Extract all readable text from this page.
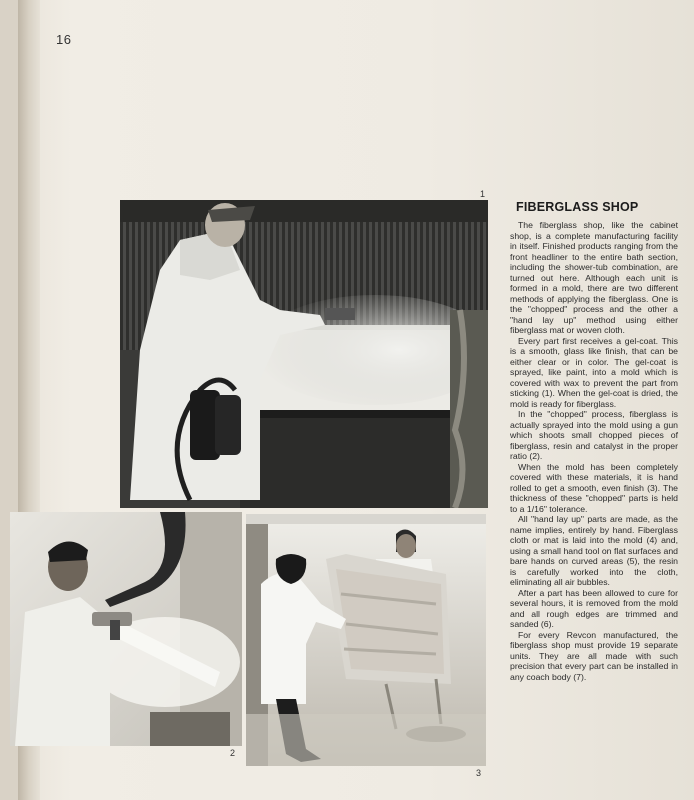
16
1
2
3
FIBERGLASS SHOP

The fiberglass shop, like the cabinet shop, is a complete manufacturing facility in itself. Finished products ranging from the front headliner to the entire bath section, including the shower-tub combination, are turned out here. Although each unit is formed in a mold, there are two different methods of applying the fiberglass. One is the "chopped" process and the other a "hand lay up" method using either fiberglass mat or woven cloth.

Every part first receives a gel-coat. This is a smooth, glass like finish, that can be either clear or in color. The gel-coat is sprayed, like paint, into a mold which is covered with wax to prevent the part from sticking (1). When the gel-coat is dried, the mold is ready for fiberglass.

In the "chopped" process, fiberglass is actually sprayed into the mold using a gun which shoots small chopped pieces of fiberglass, resin and catalyst in the proper ratio (2).

When the mold has been completely covered with these materials, it is hand rolled to get a smooth, even finish (3). The thickness of these "chopped" parts is held to a 1/16" tolerance.

All "hand lay up" parts are made, as the name implies, entirely by hand. Fiberglass cloth or mat is laid into the mold (4) and, using a small hand tool on flat surfaces and bare hands on curved areas (5), the resin is carefully worked into the cloth, eliminating all air bubbles.

After a part has been allowed to cure for several hours, it is removed from the mold and all rough edges are trimmed and sanded (6).

For every Revcon manufactured, the fiberglass shop must provide 19 separate units. They are all made with such precision that every part can be installed in any coach body (7).
